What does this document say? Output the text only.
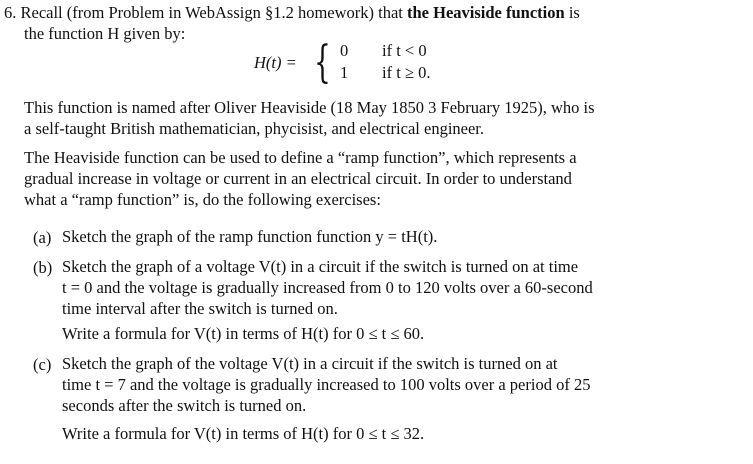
6. Recall (from Problem in WebAssign §1.2 homework) that the Heaviside function is
the function H given by:
H(t) = { 0 if t < 0
1 if t ≥ 0.
This function is named after Oliver Heaviside (18 May 1850 3 February 1925), who is
a self-taught British mathematician, phycisist, and electrical engineer.
The Heaviside function can be used to define a “ramp function”, which represents a
gradual increase in voltage or current in an electrical circuit. In order to understand
what a “ramp function” is, do the following exercises:
(a) Sketch the graph of the ramp function function y = tH(t).
(b) Sketch the graph of a voltage V(t) in a circuit if the switch is turned on at time
t = 0 and the voltage is gradually increased from 0 to 120 volts over a 60-second
time interval after the switch is turned on.
Write a formula for V(t) in terms of H(t) for 0 ≤ t ≤ 60.
(c) Sketch the graph of the voltage V(t) in a circuit if the switch is turned on at
time t = 7 and the voltage is gradually increased to 100 volts over a period of 25
seconds after the switch is turned on.
Write a formula for V(t) in terms of H(t) for 0 ≤ t ≤ 32.
